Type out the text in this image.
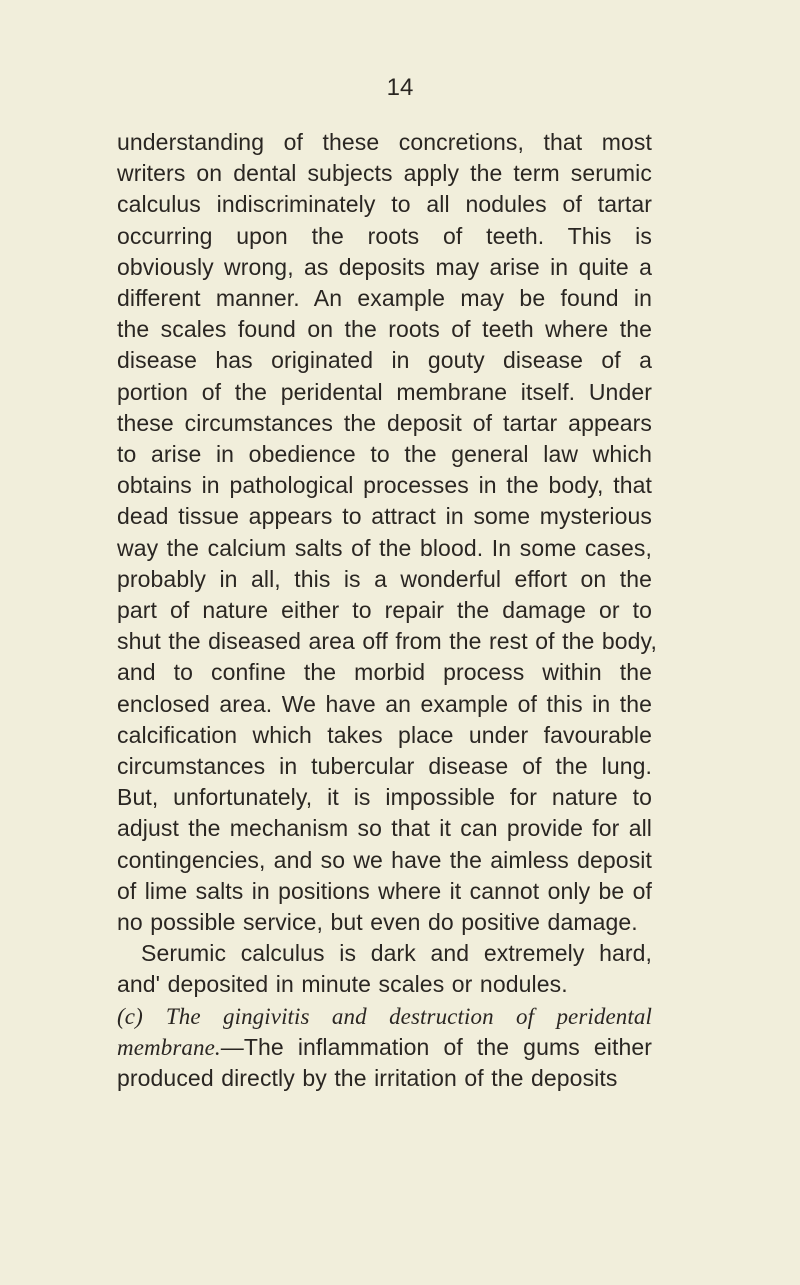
14
understanding of these concretions, that most
writers on dental subjects apply the term serumic
calculus indiscriminately to all nodules of tartar
occurring upon the roots of teeth. This is
obviously wrong, as deposits may arise in quite a
different manner. An example may be found in
the scales found on the roots of teeth where the
disease has originated in gouty disease of a
portion of the peridental membrane itself. Under
these circumstances the deposit of tartar appears
to arise in obedience to the general law which
obtains in pathological processes in the body, that
dead tissue appears to attract in some mysterious
way the calcium salts of the blood. In some cases,
probably in all, this is a wonderful effort on the
part of nature either to repair the damage or to
shut the diseased area off from the rest of the body,
and to confine the morbid process within the
enclosed area. We have an example of this in the
calcification which takes place under favourable
circumstances in tubercular disease of the lung.
But, unfortunately, it is impossible for nature to
adjust the mechanism so that it can provide for all
contingencies, and so we have the aimless deposit
of lime salts in positions where it cannot only be of
no possible service, but even do positive damage.
Serumic calculus is dark and extremely hard,
and' deposited in minute scales or nodules.
(c) The gingivitis and destruction of peridental
membrane.—The inflammation of the gums either
produced directly by the irritation of the deposits
